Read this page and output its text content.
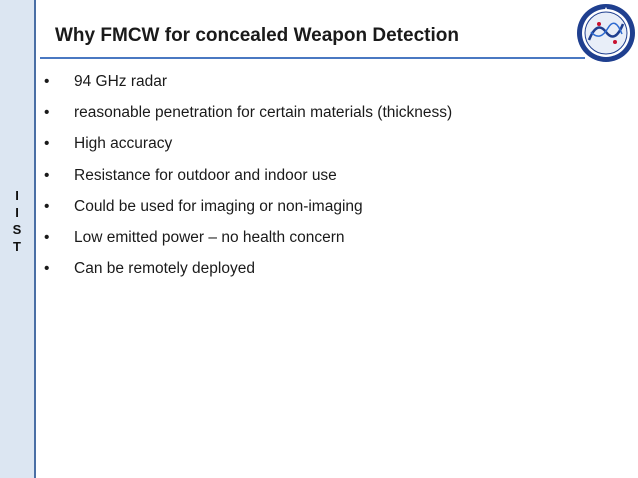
I
I
S
T
Why FMCW for concealed Weapon Detection
•	94 GHz radar
•	reasonable penetration for certain materials (thickness)
•	High accuracy
•	Resistance for outdoor and indoor use
•	Could be used for imaging or non-imaging
•	Low emitted power – no health concern
•	Can be remotely deployed
